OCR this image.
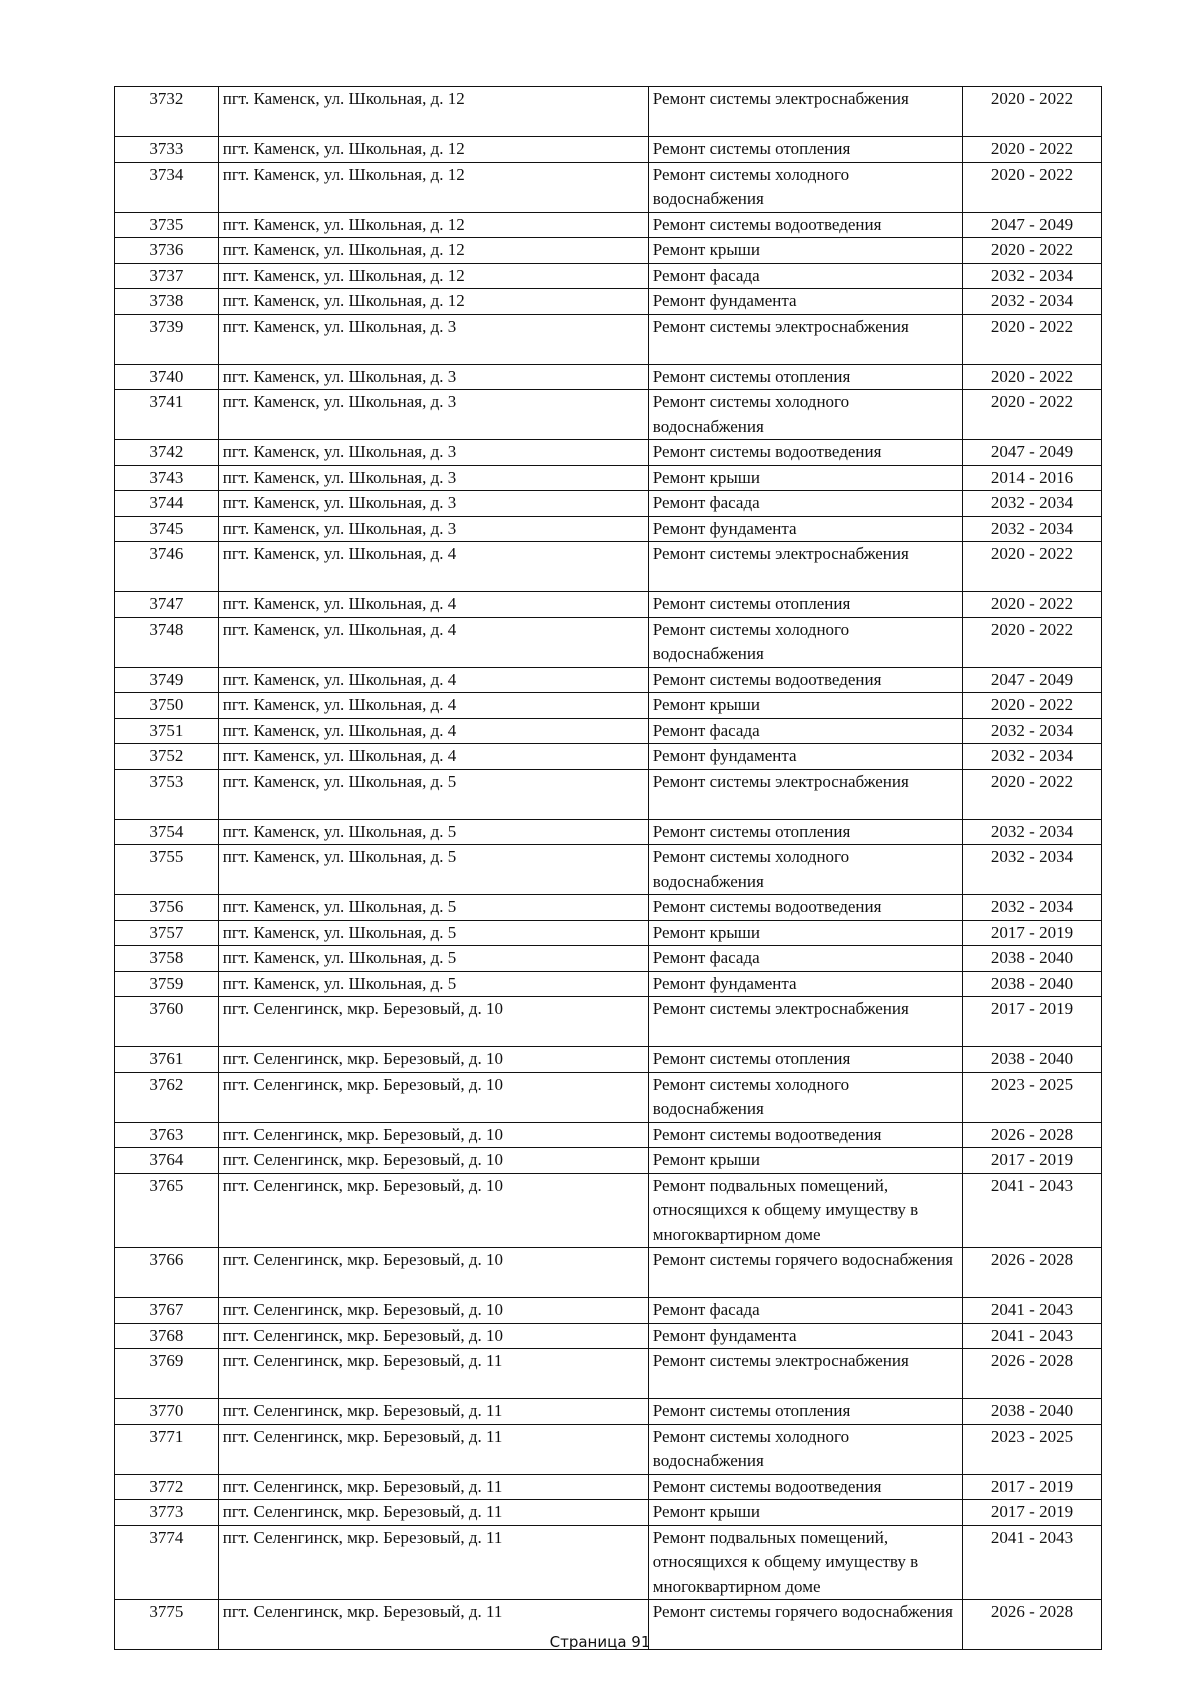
3732	пгт. Каменск, ул. Школьная, д. 12	Ремонт системы электроснабжения	2020 - 2022
3733	пгт. Каменск, ул. Школьная, д. 12	Ремонт системы отопления	2020 - 2022
3734	пгт. Каменск, ул. Школьная, д. 12	Ремонт системы холодного водоснабжения	2020 - 2022
3735	пгт. Каменск, ул. Школьная, д. 12	Ремонт системы водоотведения	2047 - 2049
3736	пгт. Каменск, ул. Школьная, д. 12	Ремонт крыши	2020 - 2022
3737	пгт. Каменск, ул. Школьная, д. 12	Ремонт фасада	2032 - 2034
3738	пгт. Каменск, ул. Школьная, д. 12	Ремонт фундамента	2032 - 2034
3739	пгт. Каменск, ул. Школьная, д. 3	Ремонт системы электроснабжения	2020 - 2022
3740	пгт. Каменск, ул. Школьная, д. 3	Ремонт системы отопления	2020 - 2022
3741	пгт. Каменск, ул. Школьная, д. 3	Ремонт системы холодного водоснабжения	2020 - 2022
3742	пгт. Каменск, ул. Школьная, д. 3	Ремонт системы водоотведения	2047 - 2049
3743	пгт. Каменск, ул. Школьная, д. 3	Ремонт крыши	2014 - 2016
3744	пгт. Каменск, ул. Школьная, д. 3	Ремонт фасада	2032 - 2034
3745	пгт. Каменск, ул. Школьная, д. 3	Ремонт фундамента	2032 - 2034
3746	пгт. Каменск, ул. Школьная, д. 4	Ремонт системы электроснабжения	2020 - 2022
3747	пгт. Каменск, ул. Школьная, д. 4	Ремонт системы отопления	2020 - 2022
3748	пгт. Каменск, ул. Школьная, д. 4	Ремонт системы холодного водоснабжения	2020 - 2022
3749	пгт. Каменск, ул. Школьная, д. 4	Ремонт системы водоотведения	2047 - 2049
3750	пгт. Каменск, ул. Школьная, д. 4	Ремонт крыши	2020 - 2022
3751	пгт. Каменск, ул. Школьная, д. 4	Ремонт фасада	2032 - 2034
3752	пгт. Каменск, ул. Школьная, д. 4	Ремонт фундамента	2032 - 2034
3753	пгт. Каменск, ул. Школьная, д. 5	Ремонт системы электроснабжения	2020 - 2022
3754	пгт. Каменск, ул. Школьная, д. 5	Ремонт системы отопления	2032 - 2034
3755	пгт. Каменск, ул. Школьная, д. 5	Ремонт системы холодного водоснабжения	2032 - 2034
3756	пгт. Каменск, ул. Школьная, д. 5	Ремонт системы водоотведения	2032 - 2034
3757	пгт. Каменск, ул. Школьная, д. 5	Ремонт крыши	2017 - 2019
3758	пгт. Каменск, ул. Школьная, д. 5	Ремонт фасада	2038 - 2040
3759	пгт. Каменск, ул. Школьная, д. 5	Ремонт фундамента	2038 - 2040
3760	пгт. Селенгинск, мкр. Березовый, д. 10	Ремонт системы электроснабжения	2017 - 2019
3761	пгт. Селенгинск, мкр. Березовый, д. 10	Ремонт системы отопления	2038 - 2040
3762	пгт. Селенгинск, мкр. Березовый, д. 10	Ремонт системы холодного водоснабжения	2023 - 2025
3763	пгт. Селенгинск, мкр. Березовый, д. 10	Ремонт системы водоотведения	2026 - 2028
3764	пгт. Селенгинск, мкр. Березовый, д. 10	Ремонт крыши	2017 - 2019
3765	пгт. Селенгинск, мкр. Березовый, д. 10	Ремонт подвальных помещений, относящихся к общему имуществу в многоквартирном доме	2041 - 2043
3766	пгт. Селенгинск, мкр. Березовый, д. 10	Ремонт системы горячего водоснабжения	2026 - 2028
3767	пгт. Селенгинск, мкр. Березовый, д. 10	Ремонт фасада	2041 - 2043
3768	пгт. Селенгинск, мкр. Березовый, д. 10	Ремонт фундамента	2041 - 2043
3769	пгт. Селенгинск, мкр. Березовый, д. 11	Ремонт системы электроснабжения	2026 - 2028
3770	пгт. Селенгинск, мкр. Березовый, д. 11	Ремонт системы отопления	2038 - 2040
3771	пгт. Селенгинск, мкр. Березовый, д. 11	Ремонт системы холодного водоснабжения	2023 - 2025
3772	пгт. Селенгинск, мкр. Березовый, д. 11	Ремонт системы водоотведения	2017 - 2019
3773	пгт. Селенгинск, мкр. Березовый, д. 11	Ремонт крыши	2017 - 2019
3774	пгт. Селенгинск, мкр. Березовый, д. 11	Ремонт подвальных помещений, относящихся к общему имуществу в многоквартирном доме	2041 - 2043
3775	пгт. Селенгинск, мкр. Березовый, д. 11	Ремонт системы горячего водоснабжения	2026 - 2028
Страница 91
